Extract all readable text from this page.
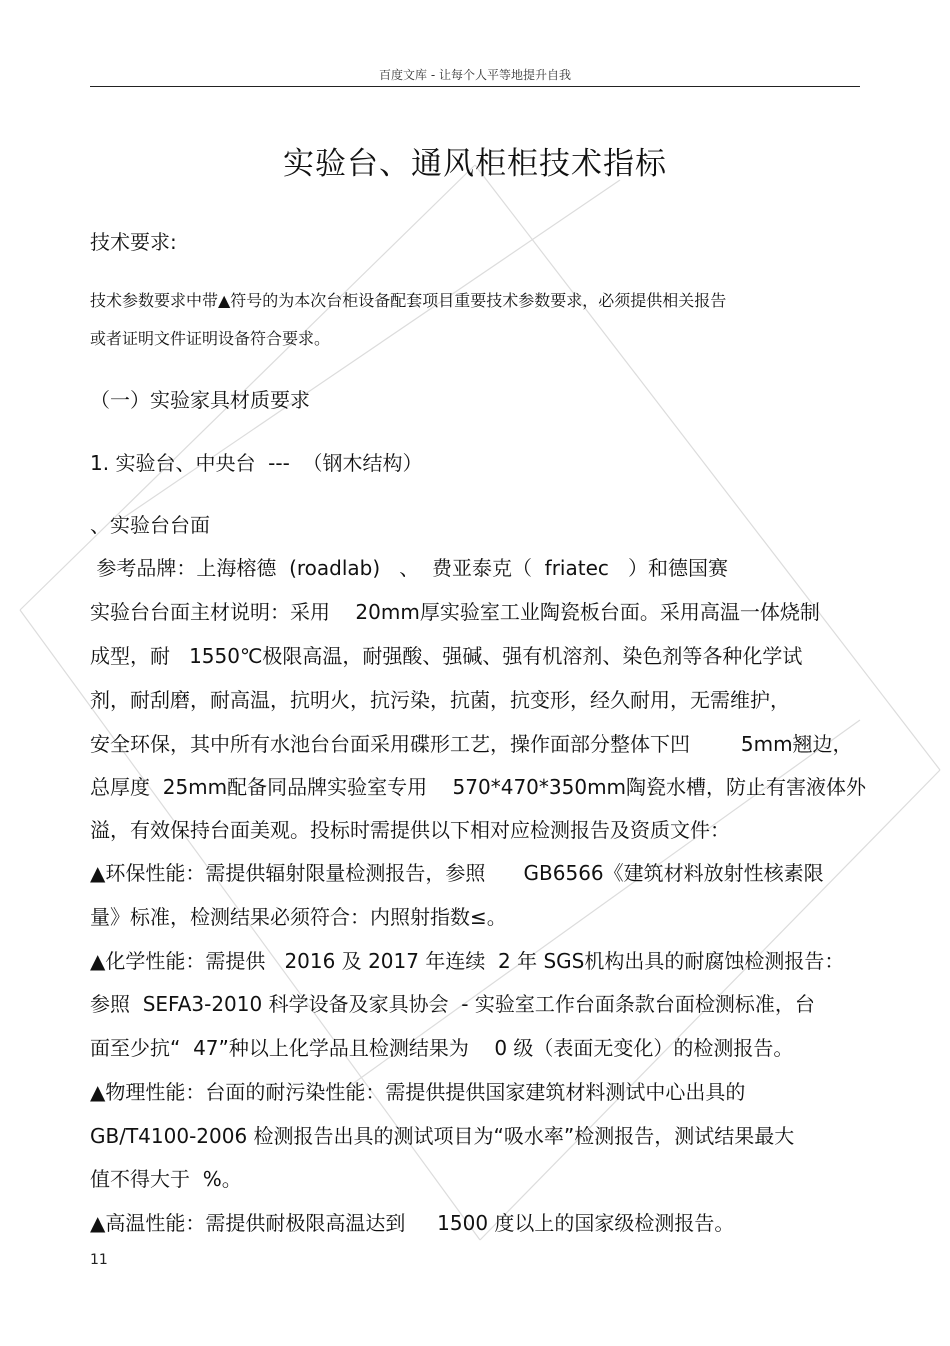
百度文库 - 让每个人平等地提升自我
实验台、通风柜柜技术指标
技术要求:
技术参数要求中带▲符号的为本次台柜设备配套项目重要技术参数要求，必须提供相关报告
或者证明文件证明设备符合要求。
（一）实验家具材质要求
1. 实验台、中央台  ---  （钢木结构）
、实验台台面
参考品牌：上海榕德  (roadlab)   、  费亚泰克（  friatec   ）和德国赛
实验台台面主材说明：采用    20mm厚实验室工业陶瓷板台面。采用高温一体烧制
成型，耐   1550℃极限高温，耐强酸、强碱、强有机溶剂、染色剂等各种化学试
剂，耐刮磨，耐高温，抗明火，抗污染，抗菌，抗变形，经久耐用，无需维护，
安全环保，其中所有水池台台面采用碟形工艺，操作面部分整体下凹        5mm翘边，
总厚度  25mm配备同品牌实验室专用    570*470*350mm陶瓷水槽，防止有害液体外
溢，有效保持台面美观。投标时需提供以下相对应检测报告及资质文件：
▲环保性能：需提供辐射限量检测报告，参照      GB6566《建筑材料放射性核素限
量》标准，检测结果必须符合：内照射指数≤。
▲化学性能：需提供   2016 及 2017 年连续  2 年 SGS机构出具的耐腐蚀检测报告：
参照  SEFA3-2010 科学设备及家具协会  - 实验室工作台面条款台面检测标准，台
面至少抗“  47”种以上化学品且检测结果为    0 级（表面无变化）的检测报告。
▲物理性能：台面的耐污染性能：需提供提供国家建筑材料测试中心出具的
GB/T4100-2006 检测报告出具的测试项目为“吸水率”检测报告，测试结果最大
值不得大于  %。
▲高温性能：需提供耐极限高温达到     1500 度以上的国家级检测报告。
11
